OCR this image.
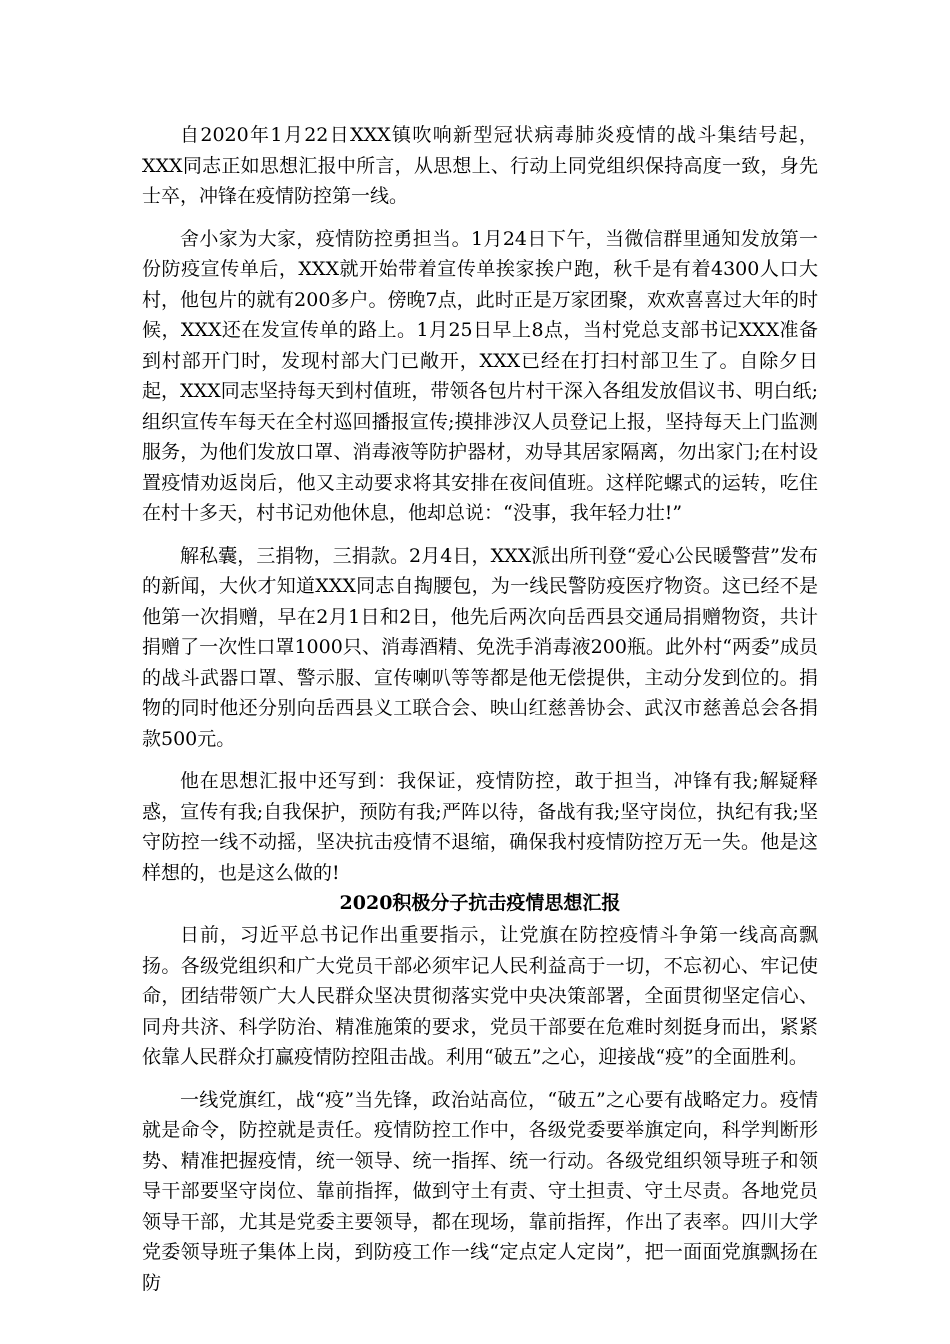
自2020年1月22日XXX镇吹响新型冠状病毒肺炎疫情的战斗集结号起，XXX同志正如思想汇报中所言，从思想上、行动上同党组织保持高度一致，身先士卒，冲锋在疫情防控第一线。

舍小家为大家，疫情防控勇担当。1月24日下午，当微信群里通知发放第一份防疫宣传单后，XXX就开始带着宣传单挨家挨户跑，秋千是有着4300人口大村，他包片的就有200多户。傍晚7点，此时正是万家团聚，欢欢喜喜过大年的时候，XXX还在发宣传单的路上。1月25日早上8点，当村党总支部书记XXX准备到村部开门时，发现村部大门已敞开，XXX已经在打扫村部卫生了。自除夕日起，XXX同志坚持每天到村值班，带领各包片村干深入各组发放倡议书、明白纸;组织宣传车每天在全村巡回播报宣传;摸排涉汉人员登记上报，坚持每天上门监测服务，为他们发放口罩、消毒液等防护器材，劝导其居家隔离，勿出家门;在村设置疫情劝返岗后，他又主动要求将其安排在夜间值班。这样陀螺式的运转，吃住在村十多天，村书记劝他休息，他却总说：“没事，我年轻力壮!”

解私囊，三捐物，三捐款。2月4日，XXX派出所刊登“爱心公民暖警营”发布的新闻，大伙才知道XXX同志自掏腰包，为一线民警防疫医疗物资。这已经不是他第一次捐赠，早在2月1日和2日，他先后两次向岳西县交通局捐赠物资，共计捐赠了一次性口罩1000只、消毒酒精、免洗手消毒液200瓶。此外村“两委”成员的战斗武器口罩、警示服、宣传喇叭等等都是他无偿提供，主动分发到位的。捐物的同时他还分别向岳西县义工联合会、映山红慈善协会、武汉市慈善总会各捐款500元。

他在思想汇报中还写到：我保证，疫情防控，敢于担当，冲锋有我;解疑释惑，宣传有我;自我保护，预防有我;严阵以待，备战有我;坚守岗位，执纪有我;坚守防控一线不动摇，坚决抗击疫情不退缩，确保我村疫情防控万无一失。他是这样想的，也是这么做的!

2020积极分子抗击疫情思想汇报

日前，习近平总书记作出重要指示，让党旗在防控疫情斗争第一线高高飘扬。各级党组织和广大党员干部必须牢记人民利益高于一切，不忘初心、牢记使命，团结带领广大人民群众坚决贯彻落实党中央决策部署，全面贯彻坚定信心、同舟共济、科学防治、精准施策的要求，党员干部要在危难时刻挺身而出，紧紧依靠人民群众打赢疫情防控阻击战。利用“破五”之心，迎接战“疫”的全面胜利。

一线党旗红，战“疫”当先锋，政治站高位，“破五”之心要有战略定力。疫情就是命令，防控就是责任。疫情防控工作中，各级党委要举旗定向，科学判断形势、精准把握疫情，统一领导、统一指挥、统一行动。各级党组织领导班子和领导干部要坚守岗位、靠前指挥，做到守土有责、守土担责、守土尽责。各地党员领导干部，尤其是党委主要领导，都在现场，靠前指挥，作出了表率。四川大学党委领导班子集体上岗，到防疫工作一线“定点定人定岗”，把一面面党旗飘扬在防
